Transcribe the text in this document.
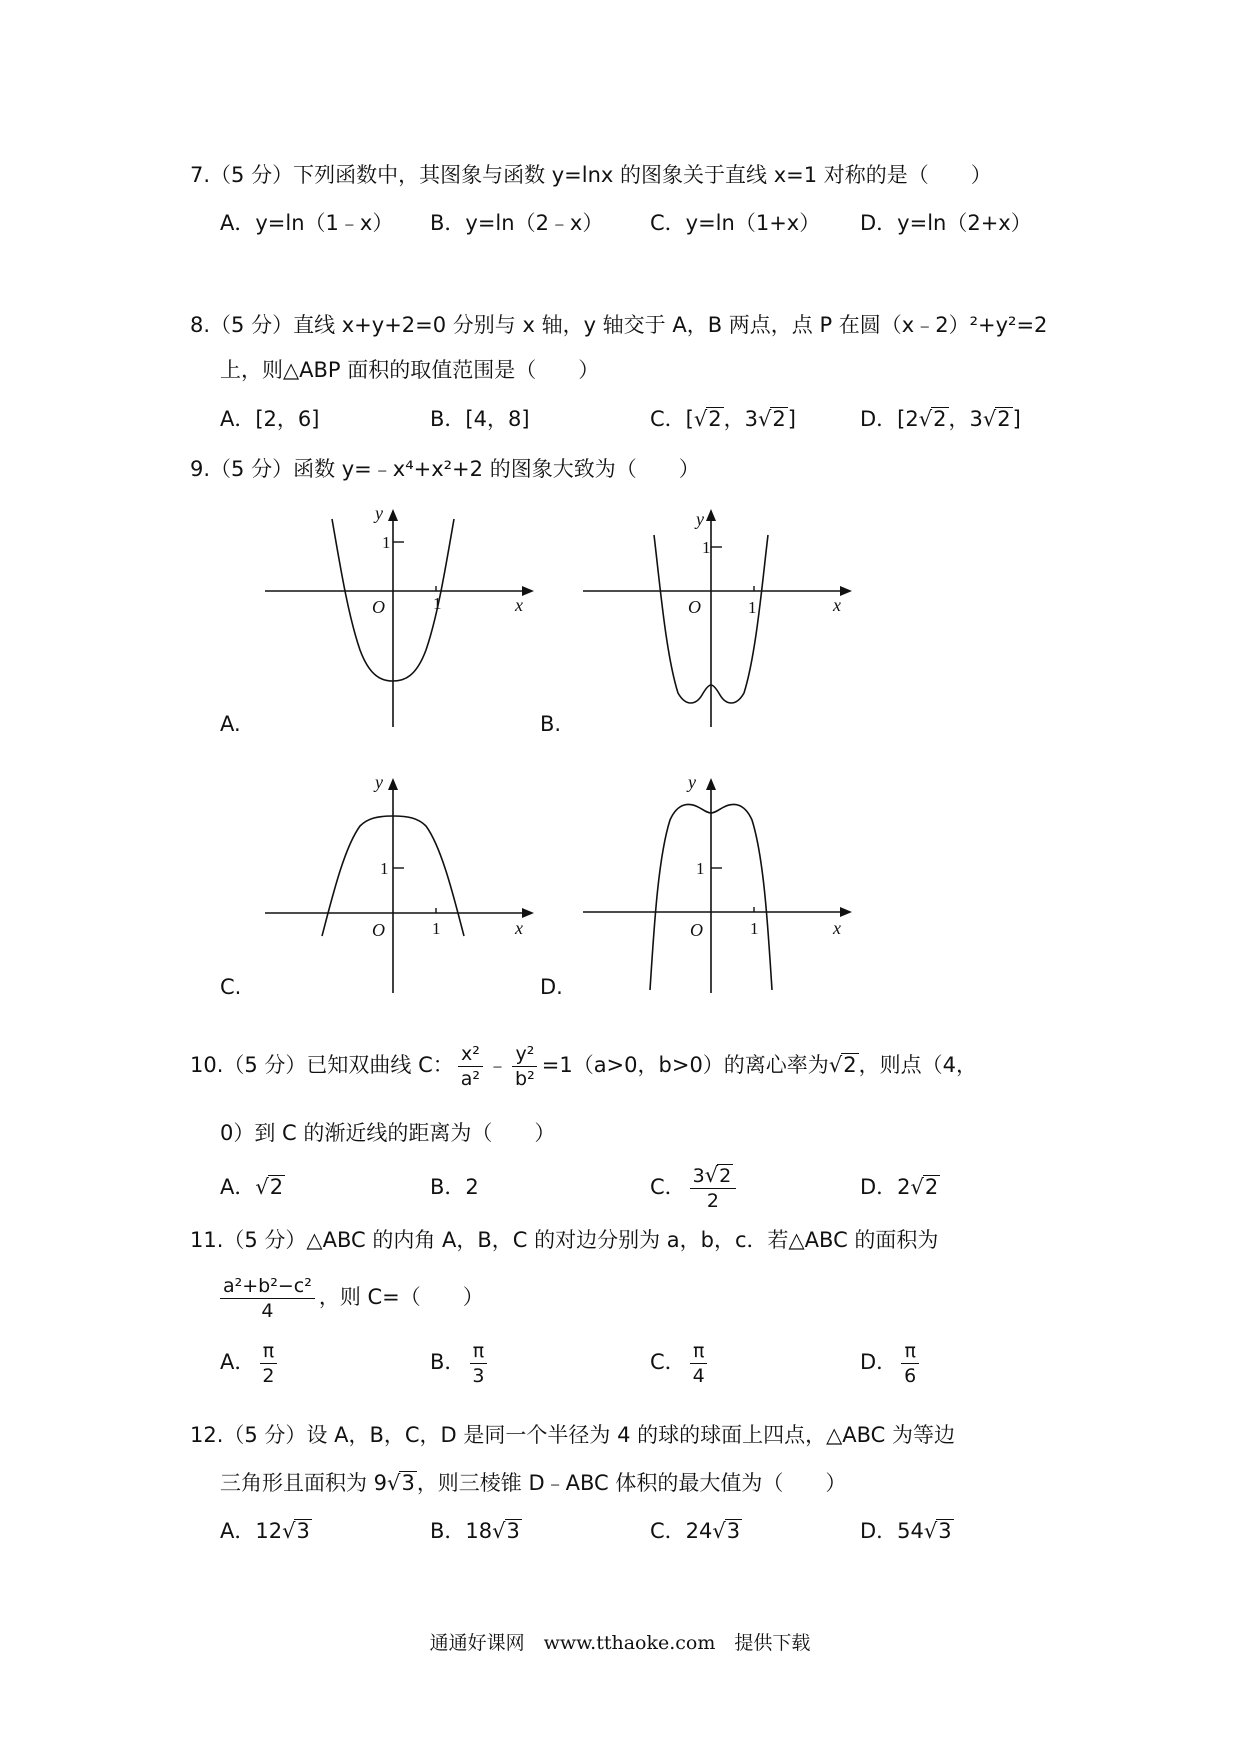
7.（5 分）下列函数中，其图象与函数 y=lnx 的图象关于直线 x=1 对称的是（　　）
A．y=ln（1﹣x） B．y=ln（2﹣x） C．y=ln（1+x） D．y=ln（2+x）
8.（5 分）直线 x+y+2=0 分别与 x 轴，y 轴交于 A，B 两点，点 P 在圆（x﹣2）²+y²=2
上，则△ABP 面积的取值范围是（　　）
A．[2，6]	B．[4，8]	C．[√2，3√2]	D．[2√2，3√2]
9.（5 分）函数 y=﹣x⁴+x²+2 的图象大致为（　　）
y
1
O	1	x
A.
y
1
O	1	x
B.
y
1
O	1	x
C.
y
1
O	1	x
D.
10.（5 分）已知双曲线 C： $\frac{\text{x²}}{\text{a²}}$ ﹣ $\frac{\text{y²}}{\text{b²}} =1(a>0$，b>0）的离心率为√2，则点（4，
0）到 C 的渐近线的距离为（　　）
A．√2	B．2	C． $\frac{3√2}{2}$	D．2√2
11.（5 分）△ABC 的内角 A，B，C 的对边分别为 a，b，c．若△ABC 的面积为
$\frac{\text{a²+b²−c²}}{4}$ ，则 C=（　　）
A． $\frac{\pi}{2}$	B． $\frac{\pi}{3}$	C． $\frac{\pi}{4}$	D． $\frac{\pi}{6}$
12.（5 分）设 A，B，C，D 是同一个半径为 4 的球的球面上四点，△ABC 为等边
三角形且面积为 9√3，则三棱锥 D﹣ABC 体积的最大值为（　　）
A．12√3	B．18√3	C．24√3	D．54√3
通通好课网　www.tthaoke.com　提供下载
